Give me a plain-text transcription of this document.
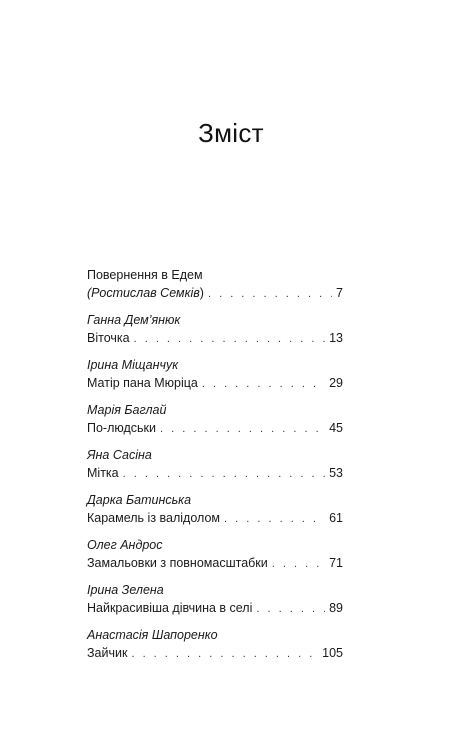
Зміст
Повернення в Едем
(Ростислав Семків) . . .	7
Ганна Дем’янюк
Віточка . . .	13
Ірина Міщанчук
Матір пана Мюріца . . .	29
Марія Баглай
По-людськи . . .	45
Яна Сасіна
Мітка . . .	53
Дарка Батинська
Карамель із валідолом . . .	61
Олег Андрос
Замальовки з повномасштабки . . .	71
Ірина Зелена
Найкрасивіша дівчина в селі . . .	89
Анастасія Шапоренко
Зайчик . . .	105
